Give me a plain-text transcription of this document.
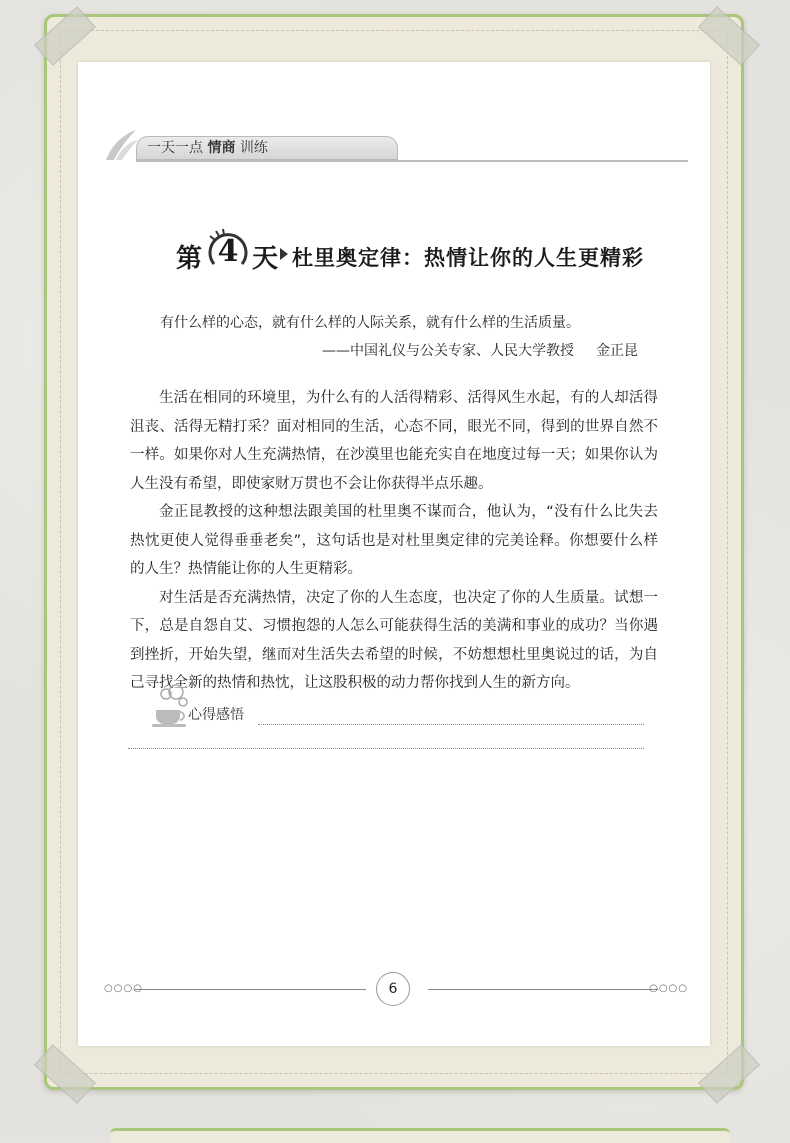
一天一点 情商 训练
第 4 天 杜里奥定律：热情让你的人生更精彩
有什么样的心态，就有什么样的人际关系，就有什么样的生活质量。
——中国礼仪与公关专家、人民大学教授 金正昆

生活在相同的环境里，为什么有的人活得精彩、活得风生水起，有的人却活得沮丧、活得无精打采？面对相同的生活，心态不同，眼光不同，得到的世界自然不一样。如果你对人生充满热情，在沙漠里也能充实自在地度过每一天；如果你认为人生没有希望，即使家财万贯也不会让你获得半点乐趣。

金正昆教授的这种想法跟美国的杜里奥不谋而合，他认为，“没有什么比失去热忱更使人觉得垂垂老矣”，这句话也是对杜里奥定律的完美诠释。你想要什么样的人生？热情能让你的人生更精彩。

对生活是否充满热情，决定了你的人生态度，也决定了你的人生质量。试想一下，总是自怨自艾、习惯抱怨的人怎么可能获得生活的美满和事业的成功？当你遇到挫折，开始失望，继而对生活失去希望的时候，不妨想想杜里奥说过的话，为自己寻找全新的热情和热忱，让这股积极的动力帮你找到人生的新方向。

心得感悟
○○○○	6	○○○○
